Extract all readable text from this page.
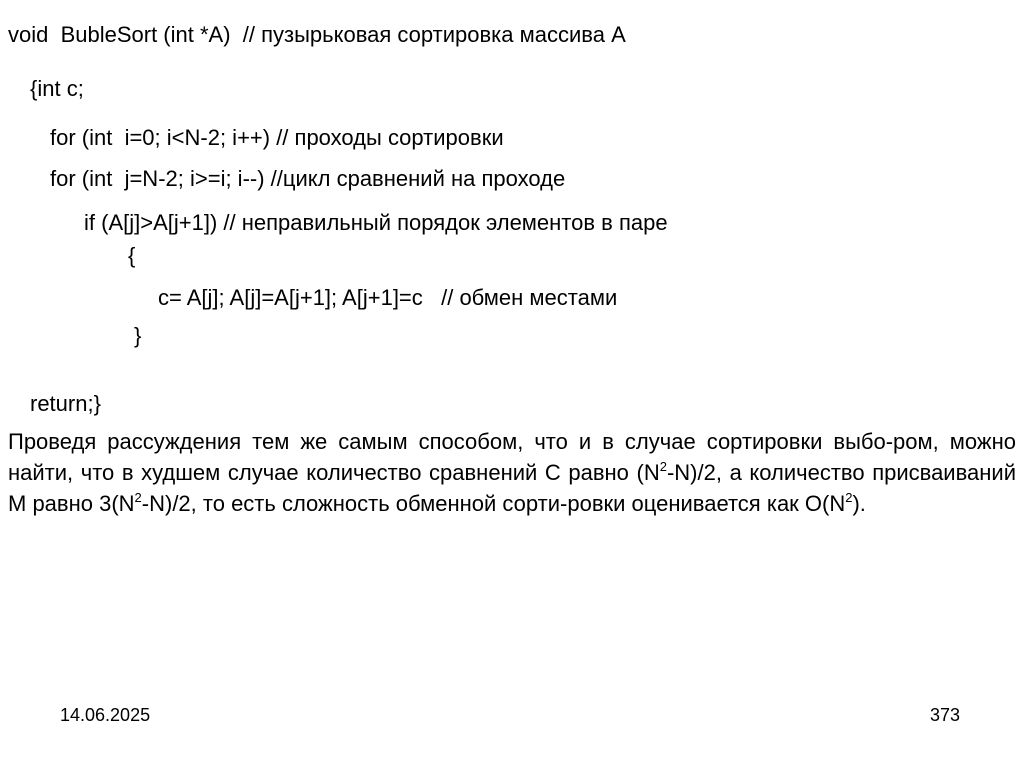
void  BubleSort (int *A)  // пузырьковая сортировка массива A
{int c;
for (int  i=0; i<N-2; i++) // проходы сортировки
for (int  j=N-2; i>=i; i--) //цикл сравнений на проходе
if (A[j]>A[j+1]) // неправильный порядок элементов в паре
{
c= A[j]; A[j]=A[j+1]; A[j+1]=c   // обмен местами
}
return;}
Проведя рассуждения тем же самым способом, что и в случае сортировки выбо-ром, можно найти, что в худшем случае количество сравнений C равно $(N^2-N)/2$, а количество присваиваний M равно $3(N^2-N)/2$, то есть сложность обменной сорти-ровки оценивается как $O(N^2)$.
14.06.2025	373
